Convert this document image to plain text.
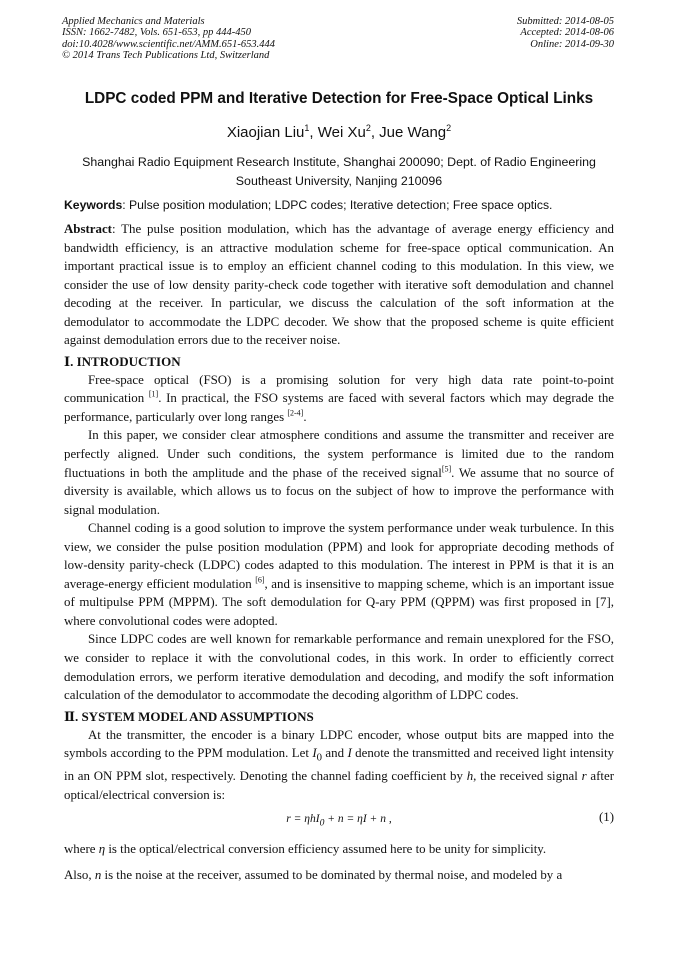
Applied Mechanics and Materials
ISSN: 1662-7482, Vols. 651-653, pp 444-450
doi:10.4028/www.scientific.net/AMM.651-653.444
© 2014 Trans Tech Publications Ltd, Switzerland
Submitted: 2014-08-05
Accepted: 2014-08-06
Online: 2014-09-30
LDPC coded PPM and Iterative Detection for Free-Space Optical Links
Xiaojian Liu$^1$, Wei Xu$^2$, Jue Wang$^2$
Shanghai Radio Equipment Research Institute, Shanghai 200090; Dept. of Radio Engineering
Southeast University, Nanjing 210096
Keywords: Pulse position modulation; LDPC codes; Iterative detection; Free space optics.

Abstract: The pulse position modulation, which has the advantage of average energy efficiency and bandwidth efficiency, is an attractive modulation scheme for free-space optical communication. An important practical issue is to employ an efficient channel coding to this modulation. In this view, we consider the use of low density parity-check code together with iterative soft demodulation and channel decoding at the receiver. In particular, we discuss the calculation of the soft information at the demodulator to accommodate the LDPC decoder. We show that the proposed scheme is quite efficient against demodulation errors due to the receiver noise.

Ⅰ. INTRODUCTION

Free-space optical (FSO) is a promising solution for very high data rate point-to-point communication [1]. In practical, the FSO systems are faced with several factors which may degrade the performance, particularly over long ranges [2-4].

In this paper, we consider clear atmosphere conditions and assume the transmitter and receiver are perfectly aligned. Under such conditions, the system performance is limited due to the random fluctuations in both the amplitude and the phase of the received signal[5]. We assume that no source of diversity is available, which allows us to focus on the subject of how to improve the performance with signal modulation.

Channel coding is a good solution to improve the system performance under weak turbulence. In this view, we consider the pulse position modulation (PPM) and look for appropriate decoding methods of low-density parity-check (LDPC) codes adapted to this modulation. The interest in PPM is that it is an average-energy efficient modulation [6], and is insensitive to mapping scheme, which is an important issue of multipulse PPM (MPPM). The soft demodulation for Q-ary PPM (QPPM) was first proposed in [7], where convolutional codes were adopted.

Since LDPC codes are well known for remarkable performance and remain unexplored for the FSO, we consider to replace it with the convolutional codes, in this work. In order to efficiently correct demodulation errors, we perform iterative demodulation and decoding, and modify the soft information calculation of the demodulator to accommodate the decoding algorithm of LDPC codes.

Ⅱ. SYSTEM MODEL AND ASSUMPTIONS

At the transmitter, the encoder is a binary LDPC encoder, whose output bits are mapped into the symbols according to the PPM modulation. Let $I_0$ and I denote the transmitted and received light intensity in an ON PPM slot, respectively. Denoting the channel fading coefficient by h, the received signal r after optical/electrical conversion is:

r = ηhI$_0$ + n = ηI + n ,	(1)

where η is the optical/electrical conversion efficiency assumed here to be unity for simplicity.

Also, n is the noise at the receiver, assumed to be dominated by thermal noise, and modeled by a
